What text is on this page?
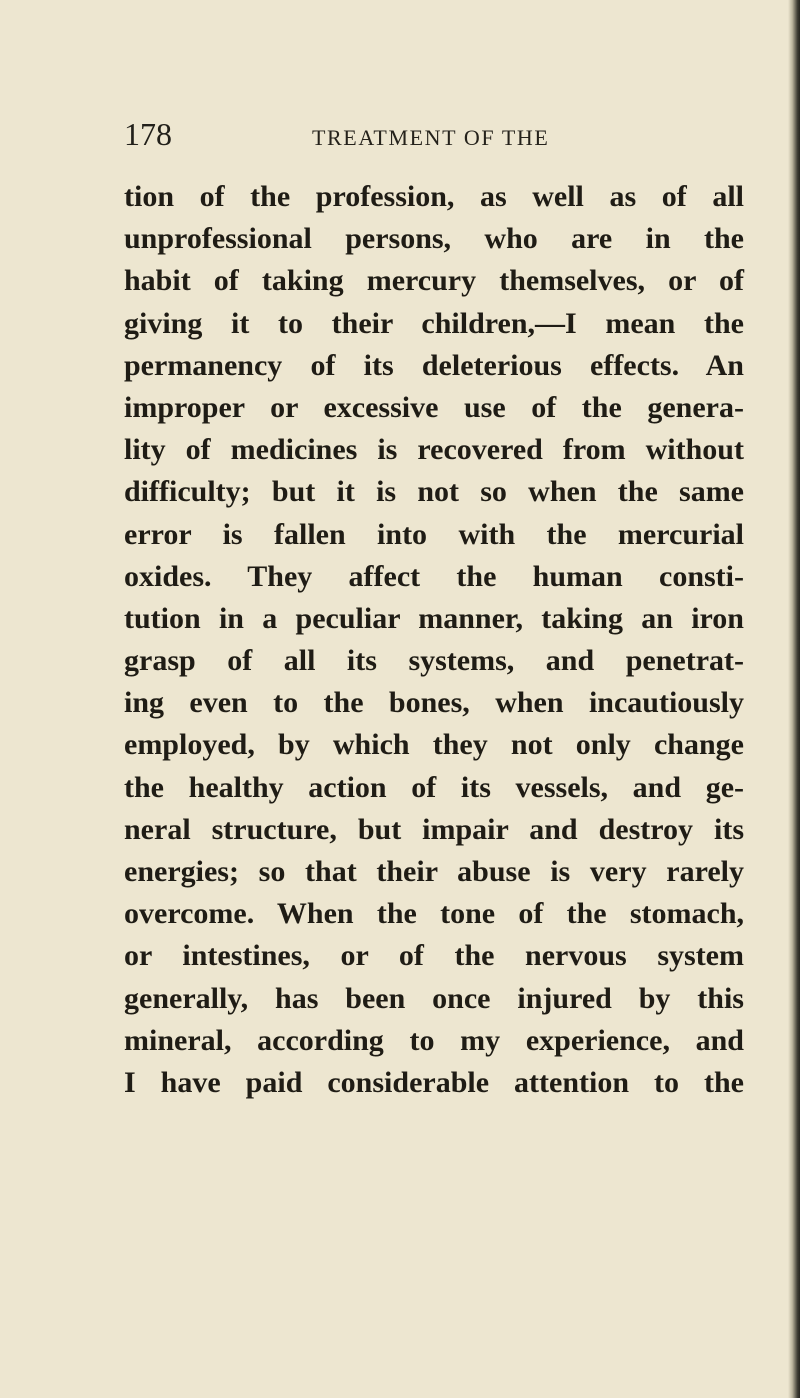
178	TREATMENT OF THE
tion of the profession, as well as of all
unprofessional persons, who are in the
habit of taking mercury themselves, or of
giving it to their children,—I mean the
permanency of its deleterious effects. An
improper or excessive use of the genera-
lity of medicines is recovered from without
difficulty; but it is not so when the same
error is fallen into with the mercurial
oxides. They affect the human consti-
tution in a peculiar manner, taking an iron
grasp of all its systems, and penetrat-
ing even to the bones, when incautiously
employed, by which they not only change
the healthy action of its vessels, and ge-
neral structure, but impair and destroy its
energies; so that their abuse is very rarely
overcome. When the tone of the stomach,
or intestines, or of the nervous system
generally, has been once injured by this
mineral, according to my experience, and
I have paid considerable attention to the
